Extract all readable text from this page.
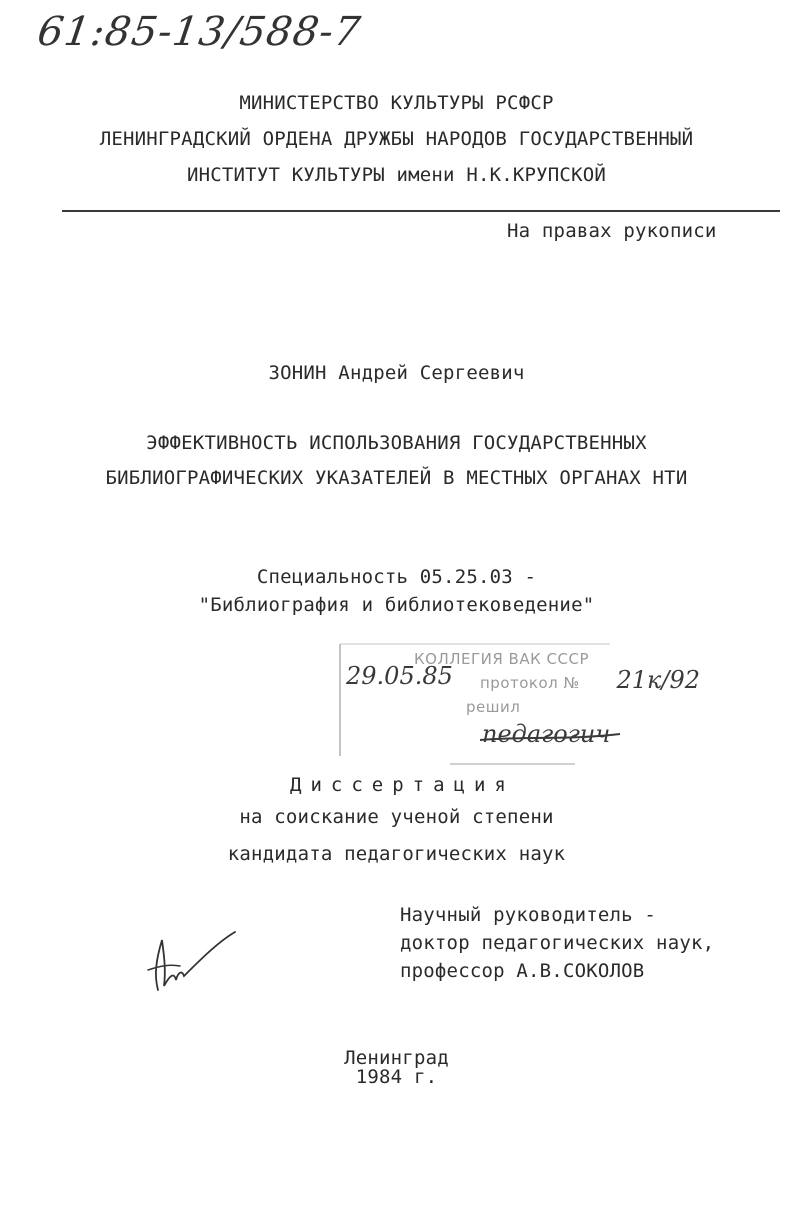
61:85-13/588-7
МИНИСТЕРСТВО КУЛЬТУРЫ РСФСР
ЛЕНИНГРАДСКИЙ ОРДЕНА ДРУЖБЫ НАРОДОВ ГОСУДАРСТВЕННЫЙ
ИНСТИТУТ КУЛЬТУРЫ имени Н.К.КРУПСКОЙ
На правах рукописи
ЗОНИН Андрей Сергеевич
ЭФФЕКТИВНОСТЬ ИСПОЛЬЗОВАНИЯ ГОСУДАРСТВЕННЫХ
БИБЛИОГРАФИЧЕСКИХ УКАЗАТЕЛЕЙ В МЕСТНЫХ ОРГАНАХ НТИ
Специальность 05.25.03 -
"Библиография и библиотековедение"
КОЛЛЕГИЯ ВАК СССР
протокол №
решил
29.05.85	21к/92
педагогич
Диссертация
на соискание ученой степени
кандидата педагогических наук
Научный руководитель -
доктор педагогических наук,
профессор А.В.СОКОЛОВ
Ленинград
1984 г.
